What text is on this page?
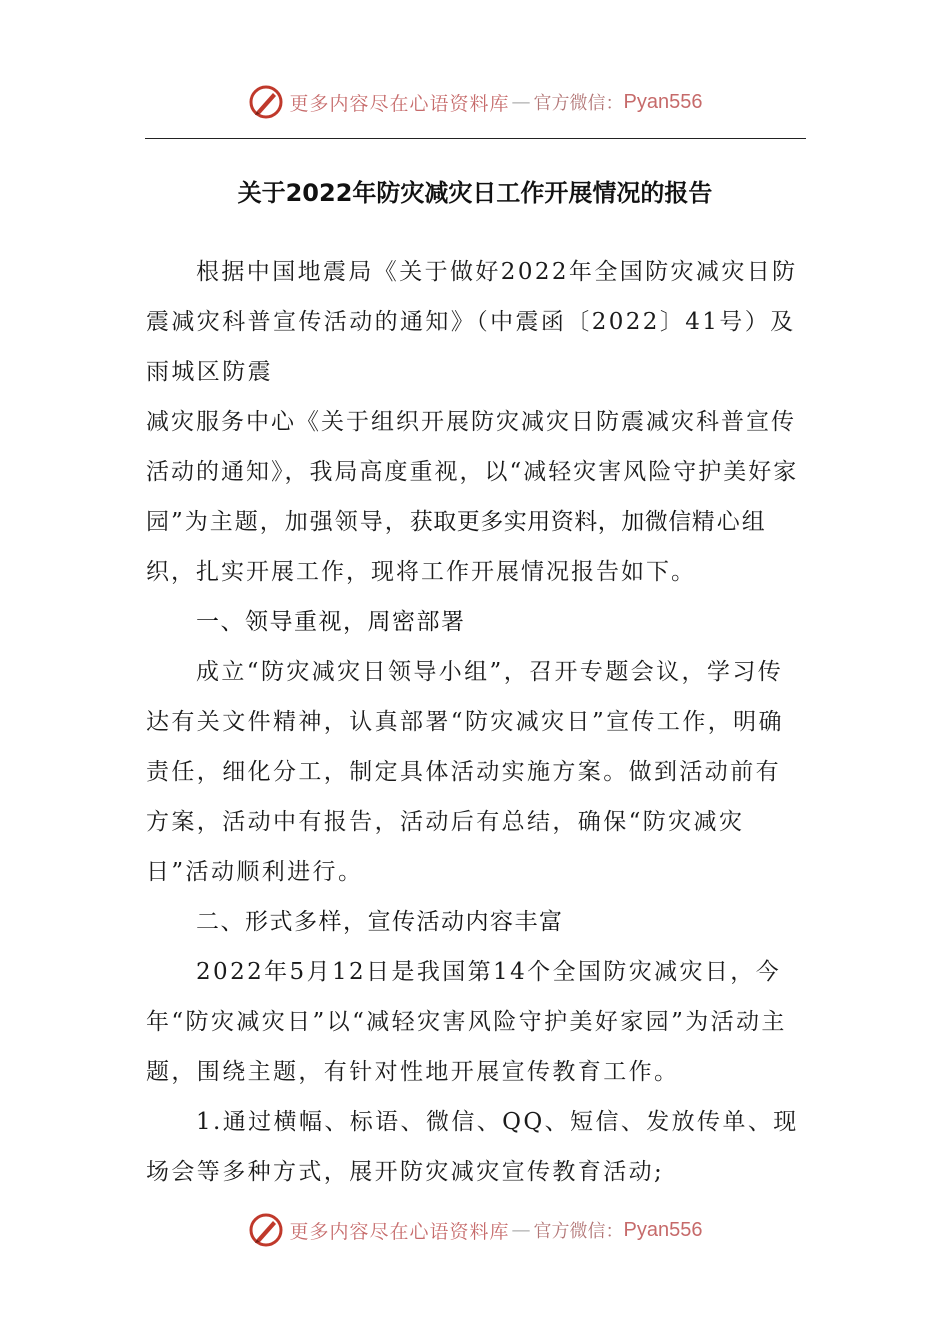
更多内容尽在心语资料库 — 官方微信： Pyan556
关于2022年防灾减灾日工作开展情况的报告

根据中国地震局《关于做好2022年全国防灾减灾日防震减灾科普宣传活动的通知》（中震函〔2022〕41号）及雨城区防震

减灾服务中心《关于组织开展防灾减灾日防震减灾科普宣传活动的通知》，我局高度重视，以“减轻灾害风险守护美好家园”为主题，加强领导，获取更多实用资料，加微信精心组织，扎实开展工作，现将工作开展情况报告如下。

一、领导重视，周密部署

成立“防灾减灾日领导小组”，召开专题会议，学习传达有关文件精神，认真部署“防灾减灾日”宣传工作，明确责任，细化分工，制定具体活动实施方案。做到活动前有方案，活动中有报告，活动后有总结，确保“防灾减灾日”活动顺利进行。

二、形式多样，宣传活动内容丰富

2022年5月12日是我国第14个全国防灾减灾日，今年“防灾减灾日”以“减轻灾害风险守护美好家园”为活动主题，围绕主题，有针对性地开展宣传教育工作。

1.通过横幅、标语、微信、QQ、短信、发放传单、现场会等多种方式，展开防灾减灾宣传教育活动;

更多内容尽在心语资料库 — 官方微信： Pyan556
